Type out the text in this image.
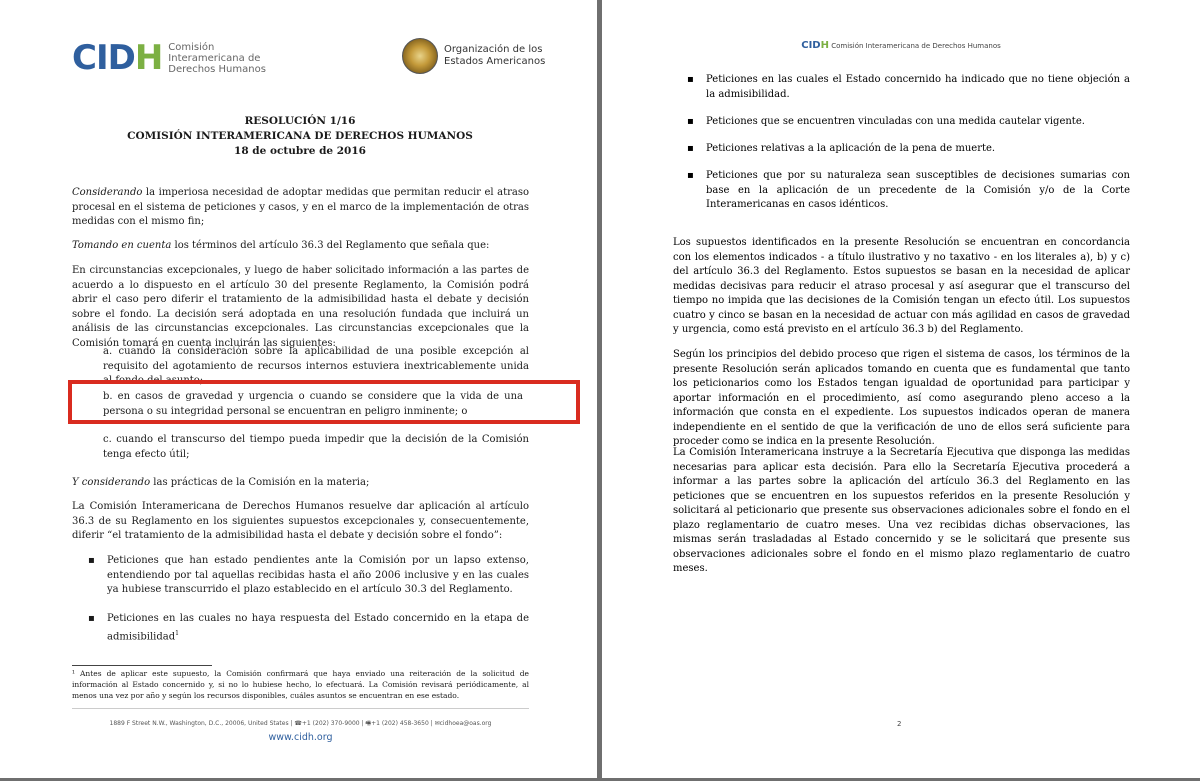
CIDH Comisión
Interamericana de
Derechos Humanos
Organización de los
Estados Americanos
RESOLUCIÓN 1/16
COMISIÓN INTERAMERICANA DE DERECHOS HUMANOS
18 de octubre de 2016
Considerando la imperiosa necesidad de adoptar medidas que permitan reducir el atraso procesal en el sistema de peticiones y casos, y en el marco de la implementación de otras medidas con el mismo fin;
Tomando en cuenta los términos del artículo 36.3 del Reglamento que señala que:
En circunstancias excepcionales, y luego de haber solicitado información a las partes de acuerdo a lo dispuesto en el artículo 30 del presente Reglamento, la Comisión podrá abrir el caso pero diferir el tratamiento de la admisibilidad hasta el debate y decisión sobre el fondo. La decisión será adoptada en una resolución fundada que incluirá un análisis de las circunstancias excepcionales. Las circunstancias excepcionales que la Comisión tomará en cuenta incluirán las siguientes:
a. cuando la consideración sobre la aplicabilidad de una posible excepción al requisito del agotamiento de recursos internos estuviera inextricablemente unida al fondo del asunto;
b. en casos de gravedad y urgencia o cuando se considere que la vida de una persona o su integridad personal se encuentran en peligro inminente; o
c. cuando el transcurso del tiempo pueda impedir que la decisión de la Comisión tenga efecto útil;
Y considerando las prácticas de la Comisión en la materia;
La Comisión Interamericana de Derechos Humanos resuelve dar aplicación al artículo 36.3 de su Reglamento en los siguientes supuestos excepcionales y, consecuentemente, diferir “el tratamiento de la admisibilidad hasta el debate y decisión sobre el fondo”:
▪ Peticiones que han estado pendientes ante la Comisión por un lapso extenso, entendiendo por tal aquellas recibidas hasta el año 2006 inclusive y en las cuales ya hubiese transcurrido el plazo establecido en el artículo 30.3 del Reglamento.
▪ Peticiones en las cuales no haya respuesta del Estado concernido en la etapa de admisibilidad$^1$
¹ Antes de aplicar este supuesto, la Comisión confirmará que haya enviado una reiteración de la solicitud de información al Estado concernido y, si no lo hubiese hecho, lo efectuará. La Comisión revisará periódicamente, al menos una vez por año y según los recursos disponibles, cuáles asuntos se encuentran en ese estado.
1889 F Street N.W., Washington, D.C., 20006, United States | ☎+1 (202) 370-9000 | 🖷+1 (202) 458-3650 | ✉cidhoea@oas.org
www.cidh.org
CIDH Comisión Interamericana de Derechos Humanos
▪ Peticiones en las cuales el Estado concernido ha indicado que no tiene objeción a la admisibilidad.
▪ Peticiones que se encuentren vinculadas con una medida cautelar vigente.
▪ Peticiones relativas a la aplicación de la pena de muerte.
▪ Peticiones que por su naturaleza sean susceptibles de decisiones sumarias con base en la aplicación de un precedente de la Comisión y/o de la Corte Interamericanas en casos idénticos.
Los supuestos identificados en la presente Resolución se encuentran en concordancia con los elementos indicados - a título ilustrativo y no taxativo - en los literales a), b) y c) del artículo 36.3 del Reglamento. Estos supuestos se basan en la necesidad de aplicar medidas decisivas para reducir el atraso procesal y así asegurar que el transcurso del tiempo no impida que las decisiones de la Comisión tengan un efecto útil. Los supuestos cuatro y cinco se basan en la necesidad de actuar con más agilidad en casos de gravedad y urgencia, como está previsto en el artículo 36.3 b) del Reglamento.
Según los principios del debido proceso que rigen el sistema de casos, los términos de la presente Resolución serán aplicados tomando en cuenta que es fundamental que tanto los peticionarios como los Estados tengan igualdad de oportunidad para participar y aportar información en el procedimiento, así como asegurando pleno acceso a la información que consta en el expediente. Los supuestos indicados operan de manera independiente en el sentido de que la verificación de uno de ellos será suficiente para proceder como se indica en la presente Resolución.
La Comisión Interamericana instruye a la Secretaría Ejecutiva que disponga las medidas necesarias para aplicar esta decisión. Para ello la Secretaría Ejecutiva procederá a informar a las partes sobre la aplicación del artículo 36.3 del Reglamento en las peticiones que se encuentren en los supuestos referidos en la presente Resolución y solicitará al peticionario que presente sus observaciones adicionales sobre el fondo en el plazo reglamentario de cuatro meses. Una vez recibidas dichas observaciones, las mismas serán trasladadas al Estado concernido y se le solicitará que presente sus observaciones adicionales sobre el fondo en el mismo plazo reglamentario de cuatro meses.
2
